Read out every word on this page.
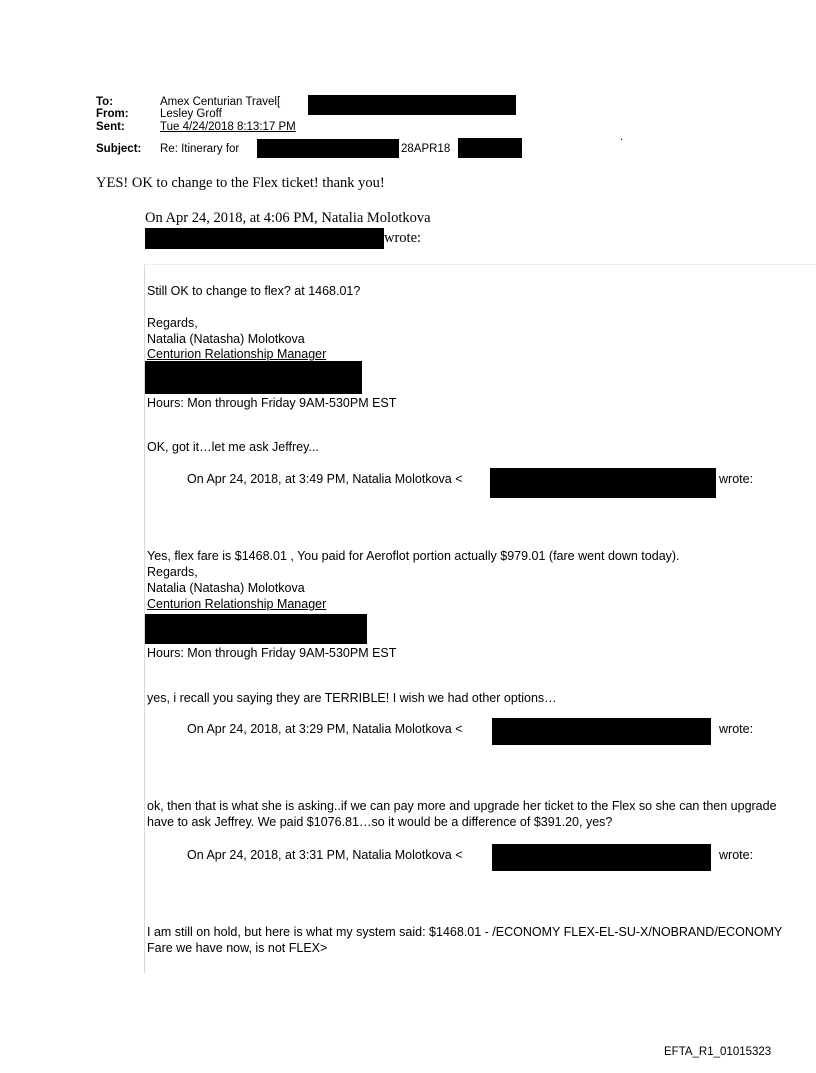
To:	Amex Centurian Travel[
From:	Lesley Groff
Sent:	Tue 4/24/2018 8:13:17 PM
Subject: Re: Itinerary for	28APR18
.
YES! OK to change to the Flex ticket! thank you!
On Apr 24, 2018, at 4:06 PM, Natalia Molotkova
wrote:
Still OK to change to flex? at 1468.01?
Regards,
Natalia (Natasha) Molotkova
Centurion Relationship Manager
Hours: Mon through Friday 9AM-530PM EST
OK, got it…let me ask Jeffrey...
On Apr 24, 2018, at 3:49 PM, Natalia Molotkova <	wrote:
Yes, flex fare is $1468.01 , You paid for Aeroflot portion actually $979.01 (fare went down today).
Regards,
Natalia (Natasha) Molotkova
Centurion Relationship Manager
Hours: Mon through Friday 9AM-530PM EST
yes, i recall you saying they are TERRIBLE! I wish we had other options…
On Apr 24, 2018, at 3:29 PM, Natalia Molotkova <	wrote:
ok, then that is what she is asking..if we can pay more and upgrade her ticket to the Flex so she can then upgrade
have to ask Jeffrey. We paid $1076.81…so it would be a difference of $391.20, yes?
On Apr 24, 2018, at 3:31 PM, Natalia Molotkova <	wrote:
I am still on hold, but here is what my system said: $1468.01 - /ECONOMY FLEX-EL-SU-X/NOBRAND/ECONOMY
Fare we have now, is not FLEX>
EFTA_R1_01015323
